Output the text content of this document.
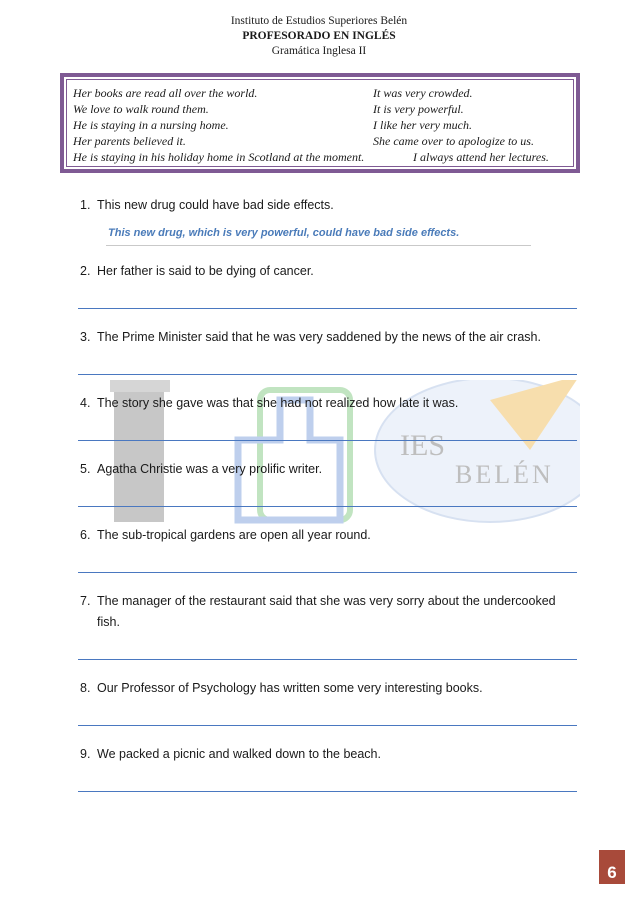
Instituto de Estudios Superiores Belén
PROFESORADO EN INGLÉS
Gramática Inglesa II
Her books are read all over the world.
We love to walk round them.
He is staying in a nursing home.
Her parents believed it.
He is staying in his holiday home in Scotland at the moment.
It was very crowded.
It is very powerful.
I like her very much.
She came over to apologize to us.
I always attend her lectures.
IES
BELÉN
1. This new drug could have bad side effects.
This new drug, which is very powerful, could have bad side effects.
2. Her father is said to be dying of cancer.
3. The Prime Minister said that he was very saddened by the news of the air crash.
4. The story she gave was that she had not realized how late it was.
5. Agatha Christie was a very prolific writer.
6. The sub-tropical gardens are open all year round.
7. The manager of the restaurant said that she was very sorry about the undercooked
fish.
8. Our Professor of Psychology has written some very interesting books.
9. We packed a picnic and walked down to the beach.
6
